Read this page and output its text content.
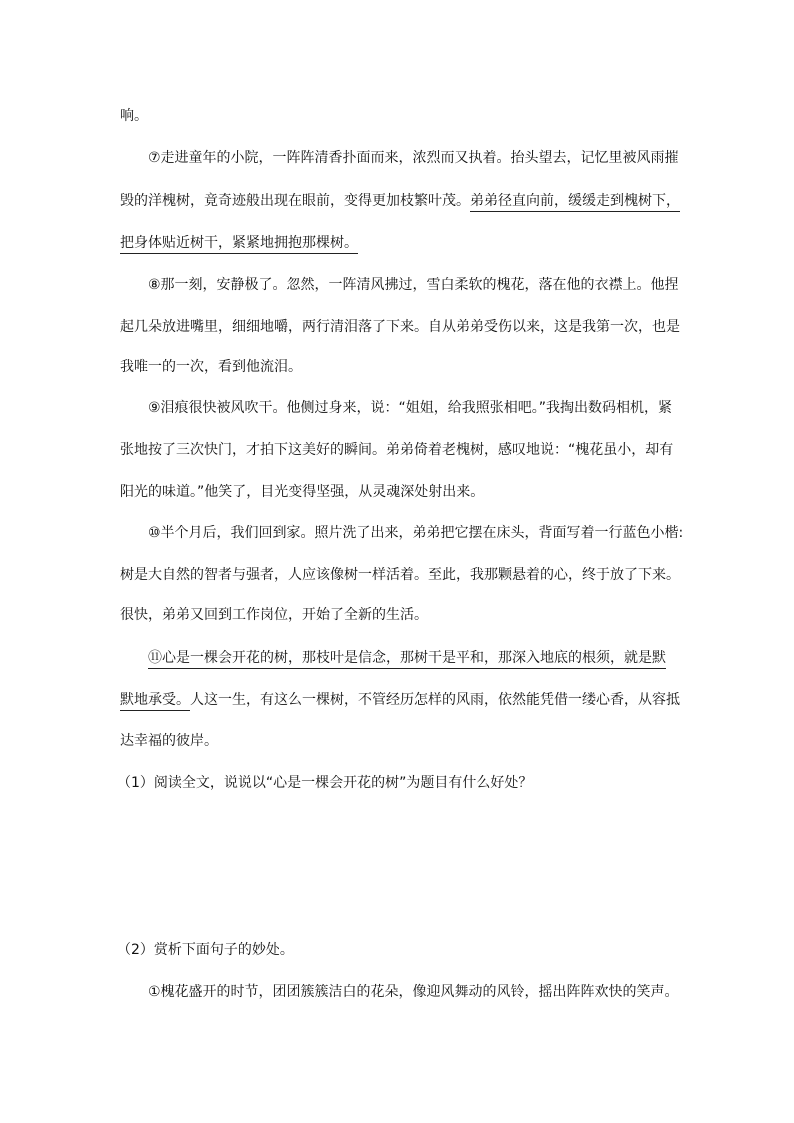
响。
⑦走进童年的小院，一阵阵清香扑面而来，浓烈而又执着。抬头望去，记忆里被风雨摧
毁的洋槐树，竟奇迹般出现在眼前，变得更加枝繁叶茂。弟弟径直向前，缓缓走到槐树下，
把身体贴近树干，紧紧地拥抱那棵树。
⑧那一刻，安静极了。忽然，一阵清风拂过，雪白柔软的槐花，落在他的衣襟上。他捏
起几朵放进嘴里，细细地嚼，两行清泪落了下来。自从弟弟受伤以来，这是我第一次，也是
我唯一的一次，看到他流泪。
⑨泪痕很快被风吹干。他侧过身来，说：“姐姐，给我照张相吧。”我掏出数码相机，紧
张地按了三次快门，才拍下这美好的瞬间。弟弟倚着老槐树，感叹地说：“槐花虽小，却有
阳光的味道。”他笑了，目光变得坚强，从灵魂深处射出来。
⑩半个月后，我们回到家。照片洗了出来，弟弟把它摆在床头，背面写着一行蓝色小楷:
树是大自然的智者与强者，人应该像树一样活着。至此，我那颗悬着的心，终于放了下来。
很快，弟弟又回到工作岗位，开始了全新的生活。
⑪心是一棵会开花的树，那枝叶是信念，那树干是平和，那深入地底的根须，就是默
默地承受。人这一生，有这么一棵树，不管经历怎样的风雨，依然能凭借一缕心香，从容抵
达幸福的彼岸。
（1）阅读全文，说说以“心是一棵会开花的树”为题目有什么好处？
（2）赏析下面句子的妙处。
①槐花盛开的时节，团团簇簇洁白的花朵，像迎风舞动的风铃，摇出阵阵欢快的笑声。
